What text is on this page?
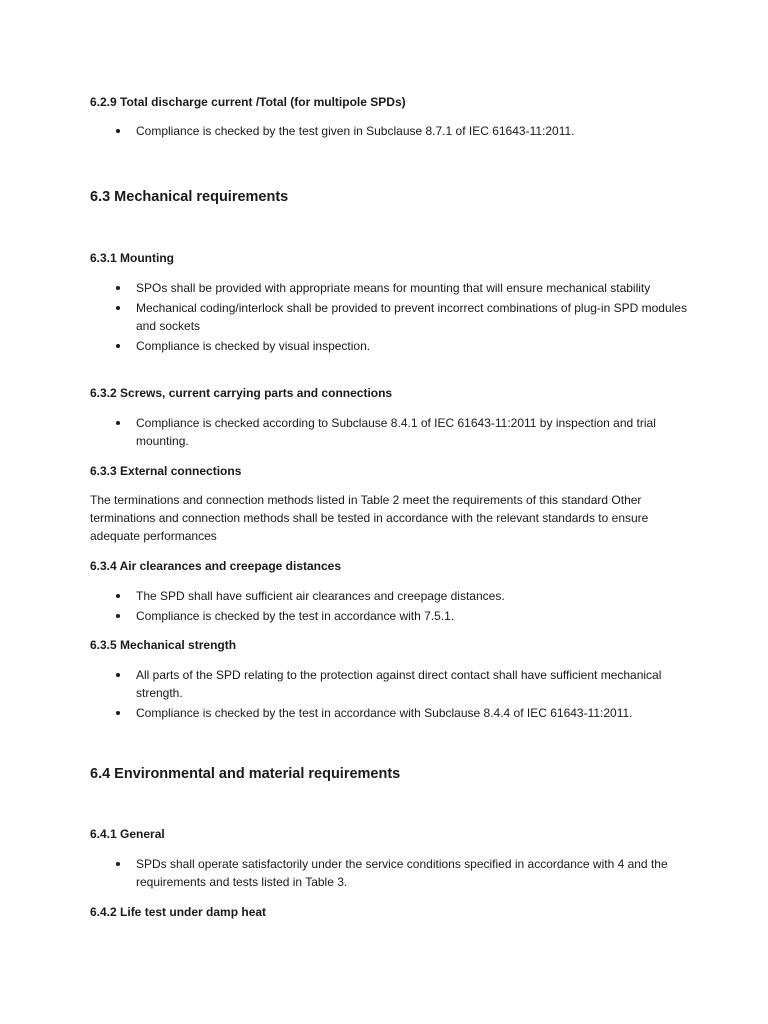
6.2.9 Total discharge current /Total (for multipole SPDs)
Compliance is checked by the test given in Subclause 8.7.1 of IEC 61643-11:2011.
6.3 Mechanical requirements
6.3.1 Mounting
SPOs shall be provided with appropriate means for mounting that will ensure mechanical stability
Mechanical coding/interlock shall be provided to prevent incorrect combinations of plug-in SPD modules and sockets
Compliance is checked by visual inspection.
6.3.2 Screws, current carrying parts and connections
Compliance is checked according to Subclause 8.4.1 of IEC 61643-11:2011 by inspection and trial mounting.
6.3.3 External connections

The terminations and connection methods listed in Table 2 meet the requirements of this standard Other terminations and connection methods shall be tested in accordance with the relevant standards to ensure adequate performances

6.3.4 Air clearances and creepage distances
The SPD shall have sufficient air clearances and creepage distances.
Compliance is checked by the test in accordance with 7.5.1.
6.3.5 Mechanical strength
All parts of the SPD relating to the protection against direct contact shall have sufficient mechanical strength.
Compliance is checked by the test in accordance with Subclause 8.4.4 of IEC 61643-11:2011.
6.4 Environmental and material requirements
6.4.1 General
SPDs shall operate satisfactorily under the service conditions specified in accordance with 4 and the requirements and tests listed in Table 3.
6.4.2 Life test under damp heat
